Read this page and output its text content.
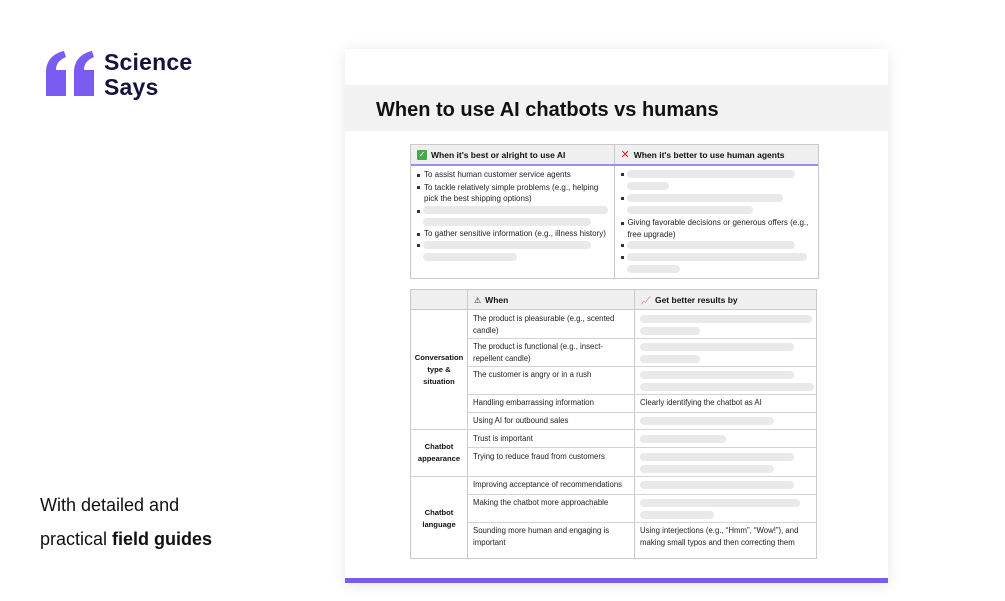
Science
Says
With detailed and
practical field guides
When to use AI chatbots vs humans
✓ When it's best or alright to use AI	✕ When it's better to use human agents
To assist human customer service agents
To tackle relatively simple problems (e.g., helping pick the best shipping options)
To gather sensitive information (e.g., illness history)
Giving favorable decisions or generous offers (e.g., free upgrade)
⚠ When	📈 Get better results by
Conversation type & situation
Chatbot appearance
Chatbot language
The product is pleasurable (e.g., scented candle)
The product is functional (e.g., insect-repellent candle)
The customer is angry or in a rush
Handling embarrassing information
Using AI for outbound sales
Trust is important
Trying to reduce fraud from customers
Improving acceptance of recommendations
Making the chatbot more approachable
Sounding more human and engaging is important
Clearly identifying the chatbot as AI
Using interjections (e.g., “Hmm”, “Wow!”), and making small typos and then correcting them
